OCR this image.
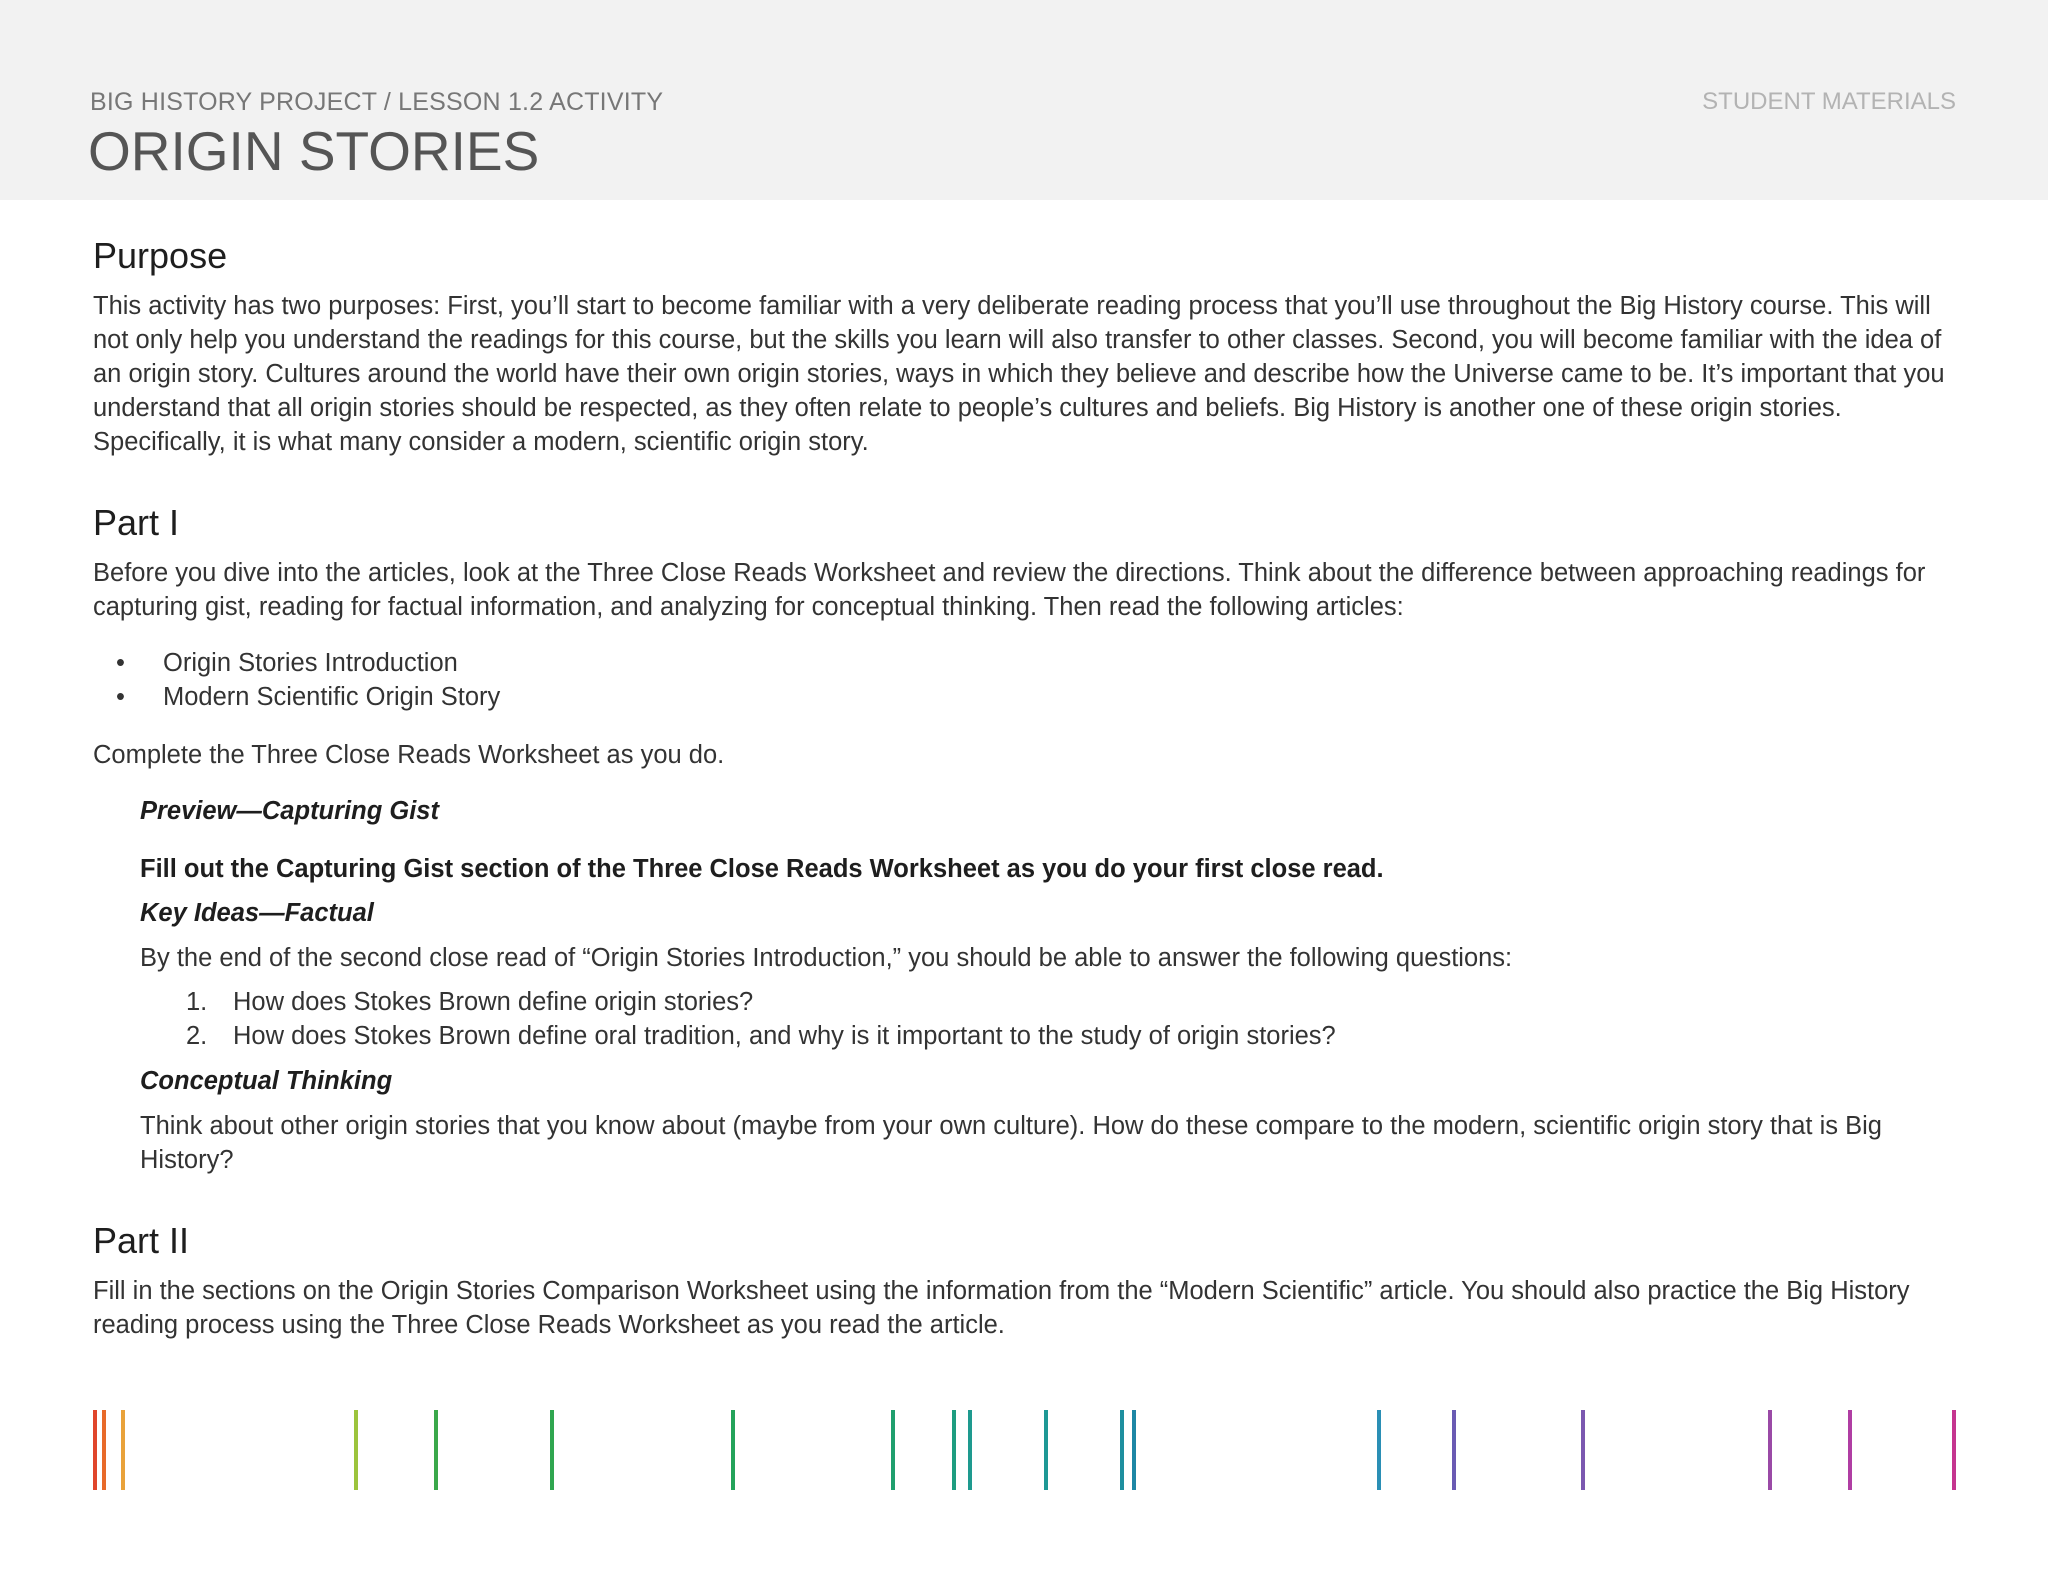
BIG HISTORY PROJECT / LESSON 1.2 ACTIVITY
ORIGIN STORIES
STUDENT MATERIALS
Purpose

This activity has two purposes: First, you’ll start to become familiar with a very deliberate reading process that you’ll use throughout the Big History course. This will not only help you understand the readings for this course, but the skills you learn will also transfer to other classes. Second, you will become familiar with the idea of an origin story. Cultures around the world have their own origin stories, ways in which they believe and describe how the Universe came to be. It’s important that you understand that all origin stories should be respected, as they often relate to people’s cultures and beliefs. Big History is another one of these origin stories. Specifically, it is what many consider a modern, scientific origin story.

Part I

Before you dive into the articles, look at the Three Close Reads Worksheet and review the directions. Think about the difference between approaching readings for capturing gist, reading for factual information, and analyzing for conceptual thinking. Then read the following articles:

• Origin Stories Introduction
• Modern Scientific Origin Story

Complete the Three Close Reads Worksheet as you do.

Preview—Capturing Gist
Fill out the Capturing Gist section of the Three Close Reads Worksheet as you do your first close read.
Key Ideas—Factual

By the end of the second close read of “Origin Stories Introduction,” you should be able to answer the following questions:

1. How does Stokes Brown define origin stories?
2. How does Stokes Brown define oral tradition, and why is it important to the study of origin stories?
Conceptual Thinking

Think about other origin stories that you know about (maybe from your own culture). How do these compare to the modern, scientific origin story that is Big History?

Part II

Fill in the sections on the Origin Stories Comparison Worksheet using the information from the “Modern Scientific” article. You should also practice the Big History reading process using the Three Close Reads Worksheet as you read the article.
